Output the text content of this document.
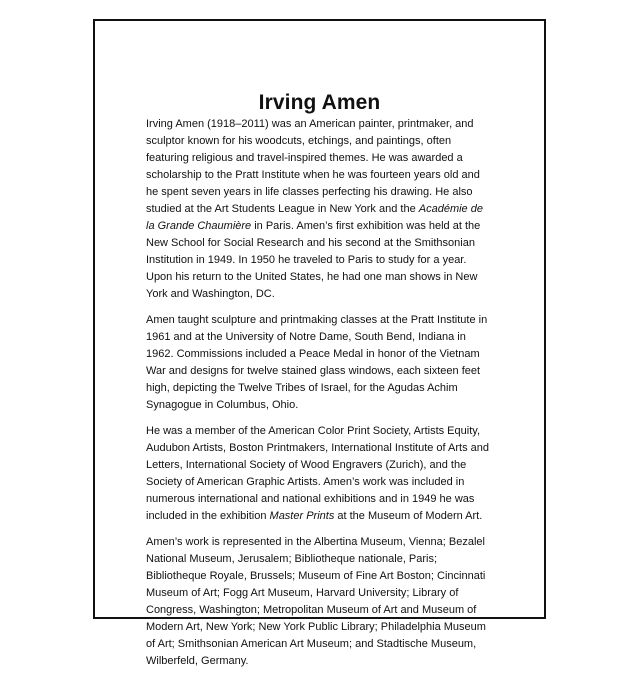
Irving Amen

Irving Amen (1918–2011) was an American painter, printmaker, and sculptor known for his woodcuts, etchings, and paintings, often featuring religious and travel-inspired themes. He was awarded a scholarship to the Pratt Institute when he was fourteen years old and he spent seven years in life classes perfecting his drawing. He also studied at the Art Students League in New York and the Académie de la Grande Chaumière in Paris. Amen’s first exhibition was held at the New School for Social Research and his second at the Smithsonian Institution in 1949. In 1950 he traveled to Paris to study for a year. Upon his return to the United States, he had one man shows in New York and Washington, DC.

Amen taught sculpture and printmaking classes at the Pratt Institute in 1961 and at the University of Notre Dame, South Bend, Indiana in 1962. Commissions included a Peace Medal in honor of the Vietnam War and designs for twelve stained glass windows, each sixteen feet high, depicting the Twelve Tribes of Israel, for the Agudas Achim Synagogue in Columbus, Ohio.

He was a member of the American Color Print Society, Artists Equity, Audubon Artists, Boston Printmakers, International Institute of Arts and Letters, International Society of Wood Engravers (Zurich), and the Society of American Graphic Artists. Amen’s work was included in numerous international and national exhibitions and in 1949 he was included in the exhibition Master Prints at the Museum of Modern Art.

Amen’s work is represented in the Albertina Museum, Vienna; Bezalel National Museum, Jerusalem; Bibliotheque nationale, Paris; Bibliotheque Royale, Brussels; Museum of Fine Art Boston; Cincinnati Museum of Art; Fogg Art Museum, Harvard University; Library of Congress, Washington; Metropolitan Museum of Art and Museum of Modern Art, New York; New York Public Library; Philadelphia Museum of Art; Smithsonian American Art Museum; and Stadtische Museum, Wilberfeld, Germany.
